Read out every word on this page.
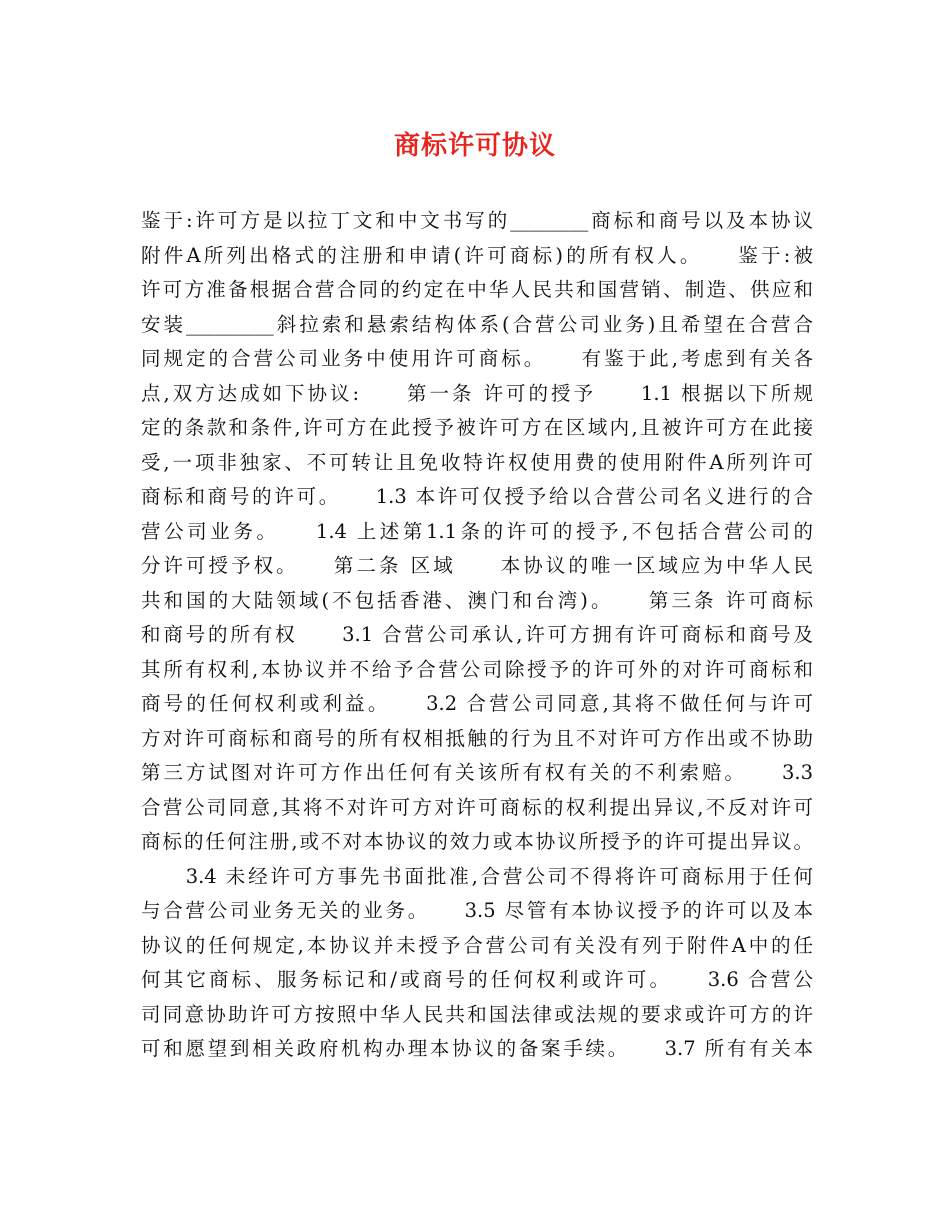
商标许可协议
鉴于:许可方是以拉丁文和中文书写的________商标和商号以及本协议
附件A所列出格式的注册和申请(许可商标)的所有权人。　　鉴于:被
许可方准备根据合营合同的约定在中华人民共和国营销、制造、供应和
安装_________斜拉索和悬索结构体系(合营公司业务)且希望在合营合
同规定的合营公司业务中使用许可商标。　　有鉴于此,考虑到有关各
点,双方达成如下协议:　　第一条 许可的授予　　1.1 根据以下所规
定的条款和条件,许可方在此授予被许可方在区域内,且被许可方在此接
受,一项非独家、不可转让且免收特许权使用费的使用附件A所列许可
商标和商号的许可。　　1.3 本许可仅授予给以合营公司名义进行的合
营公司业务。　　1.4 上述第1.1条的许可的授予,不包括合营公司的
分许可授予权。　　第二条 区域　　本协议的唯一区域应为中华人民
共和国的大陆领域(不包括香港、澳门和台湾)。　　第三条 许可商标
和商号的所有权　　3.1 合营公司承认,许可方拥有许可商标和商号及
其所有权利,本协议并不给予合营公司除授予的许可外的对许可商标和
商号的任何权利或利益。　　3.2 合营公司同意,其将不做任何与许可
方对许可商标和商号的所有权相抵触的行为且不对许可方作出或不协助
第三方试图对许可方作出任何有关该所有权有关的不利索赔。　　3.3
合营公司同意,其将不对许可方对许可商标的权利提出异议,不反对许可
商标的任何注册,或不对本协议的效力或本协议所授予的许可提出异议。
　　3.4 未经许可方事先书面批准,合营公司不得将许可商标用于任何
与合营公司业务无关的业务。　　3.5 尽管有本协议授予的许可以及本
协议的任何规定,本协议并未授予合营公司有关没有列于附件A中的任
何其它商标、服务标记和/或商号的任何权利或许可。　　3.6 合营公
司同意协助许可方按照中华人民共和国法律或法规的要求或许可方的许
可和愿望到相关政府机构办理本协议的备案手续。　　3.7 所有有关本
